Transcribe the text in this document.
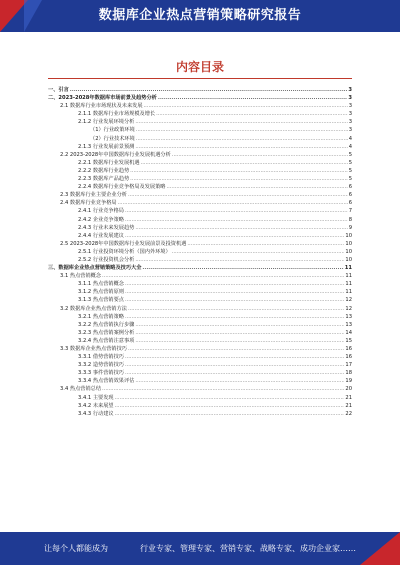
数据库企业热点营销策略研究报告
内容目录
一、引言 .....	3
二、2023-2028年数据库市场前景及趋势分析 .....	3
2.1 数据库行业市场现状及未来发展 .....	3
2.1.1 数据库行业市场规模及增长 .....	3
2.1.2 行业发展环境分析 .....	3
（1）行业政策环境 .....	3
（2）行业技术环境 .....	4
2.1.3 行业发展前景预测 .....	4
2.2 2023-2028年中国数据库行业发展机遇分析 .....	5
2.2.1 数据库行业发展机遇 .....	5
2.2.2 数据库行业趋势 .....	5
2.2.3 数据库产品趋势 .....	5
2.2.4 数据库行业竞争格局及发展策略 .....	6
2.3 数据库行业主要企业分析 .....	6
2.4 数据库行业竞争格局 .....	6
2.4.1 行业竞争格局 .....	7
2.4.2 企业竞争策略 .....	8
2.4.3 行业未来发展趋势 .....	9
2.4.4 行业发展建议 .....	10
2.5 2023-2028年中国数据库行业发展前景及投资机遇 .....	10
2.5.1 行业投资环境分析（国内外环境） .....	10
2.5.2 行业投资机会分析 .....	10
三、数据库企业热点营销策略及技巧大全 .....	11
3.1 热点营销概念 .....	11
3.1.1 热点营销概念 .....	11
3.1.2 热点营销原则 .....	11
3.1.3 热点营销要点 .....	12
3.2 数据库企业热点营销方法 .....	12
3.2.1 热点营销策略 .....	13
3.2.2 热点营销执行步骤 .....	13
3.2.3 热点营销案例分析 .....	14
3.2.4 热点营销注意事项 .....	15
3.3 数据库企业热点营销技巧 .....	16
3.3.1 借势营销技巧 .....	16
3.3.2 造势营销技巧 .....	17
3.3.3 事件营销技巧 .....	18
3.3.4 热点营销效果评估 .....	19
3.4 热点营销总结 .....	20
3.4.1 主要发现 .....	21
3.4.2 未来展望 .....	21
3.4.3 行动建议 .....	22
让每个人都能成为	行业专家、管理专家、营销专家、战略专家、成功企业家……
